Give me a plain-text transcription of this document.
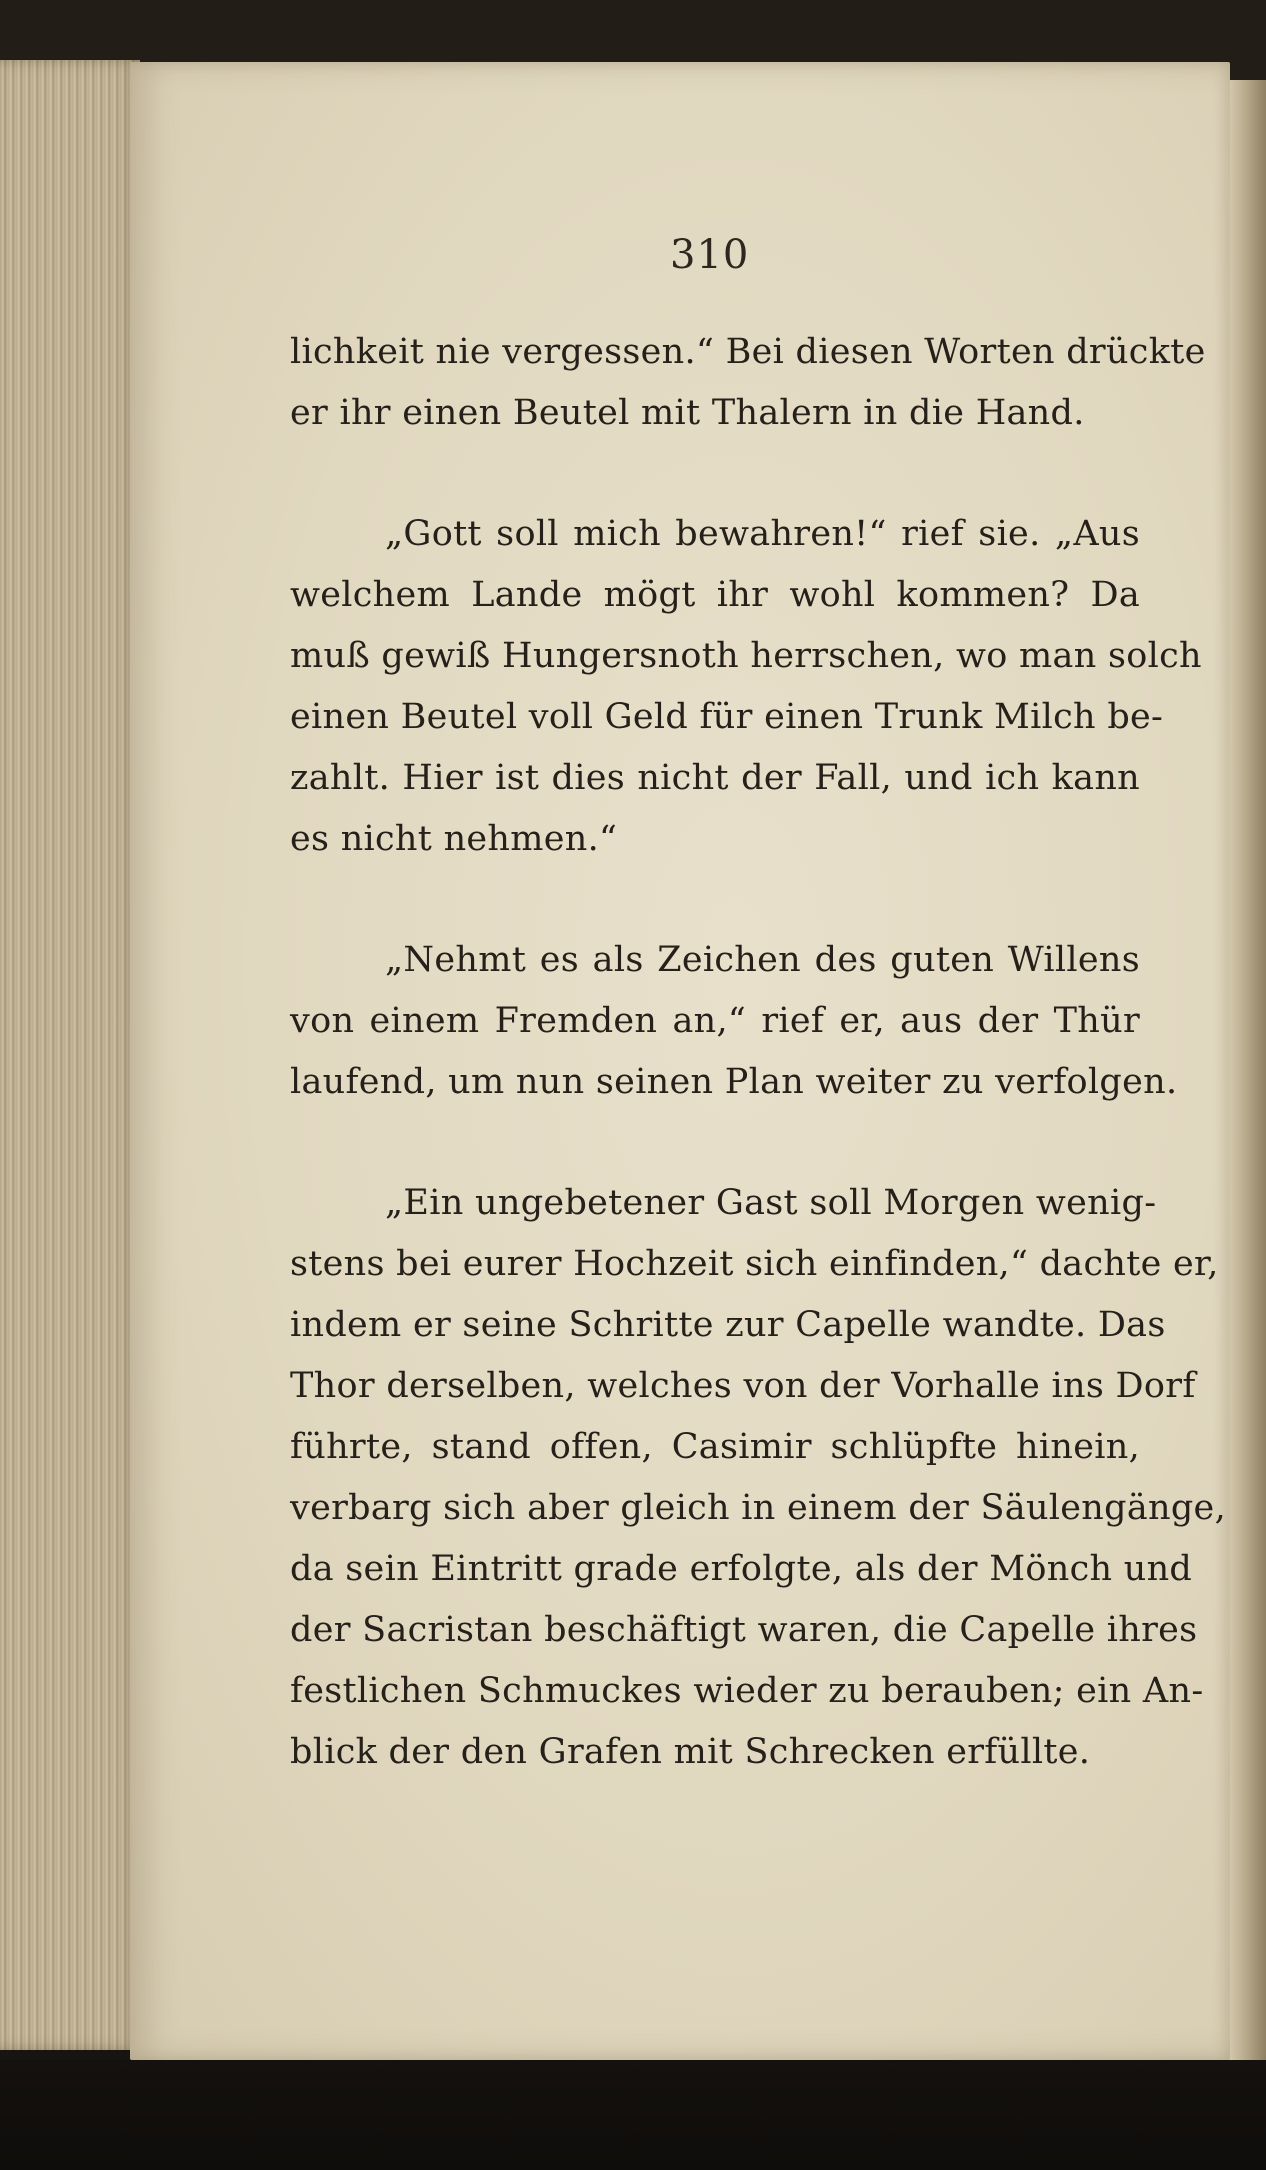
310

lichkeit nie vergessen.“ Bei diesen Worten drückte
er ihr einen Beutel mit Thalern in die Hand.

„Gott soll mich bewahren!“ rief sie. „Aus
welchem Lande mögt ihr wohl kommen? Da
muß gewiß Hungersnoth herrschen, wo man solch
einen Beutel voll Geld für einen Trunk Milch be-
zahlt. Hier ist dies nicht der Fall, und ich kann
es nicht nehmen.“

„Nehmt es als Zeichen des guten Willens
von einem Fremden an,“ rief er, aus der Thür
laufend, um nun seinen Plan weiter zu verfolgen.

„Ein ungebetener Gast soll Morgen wenig-
stens bei eurer Hochzeit sich einfinden,“ dachte er,
indem er seine Schritte zur Capelle wandte. Das
Thor derselben, welches von der Vorhalle ins Dorf
führte, stand offen, Casimir schlüpfte hinein,
verbarg sich aber gleich in einem der Säulengänge,
da sein Eintritt grade erfolgte, als der Mönch und
der Sacristan beschäftigt waren, die Capelle ihres
festlichen Schmuckes wieder zu berauben; ein An-
blick der den Grafen mit Schrecken erfüllte.
